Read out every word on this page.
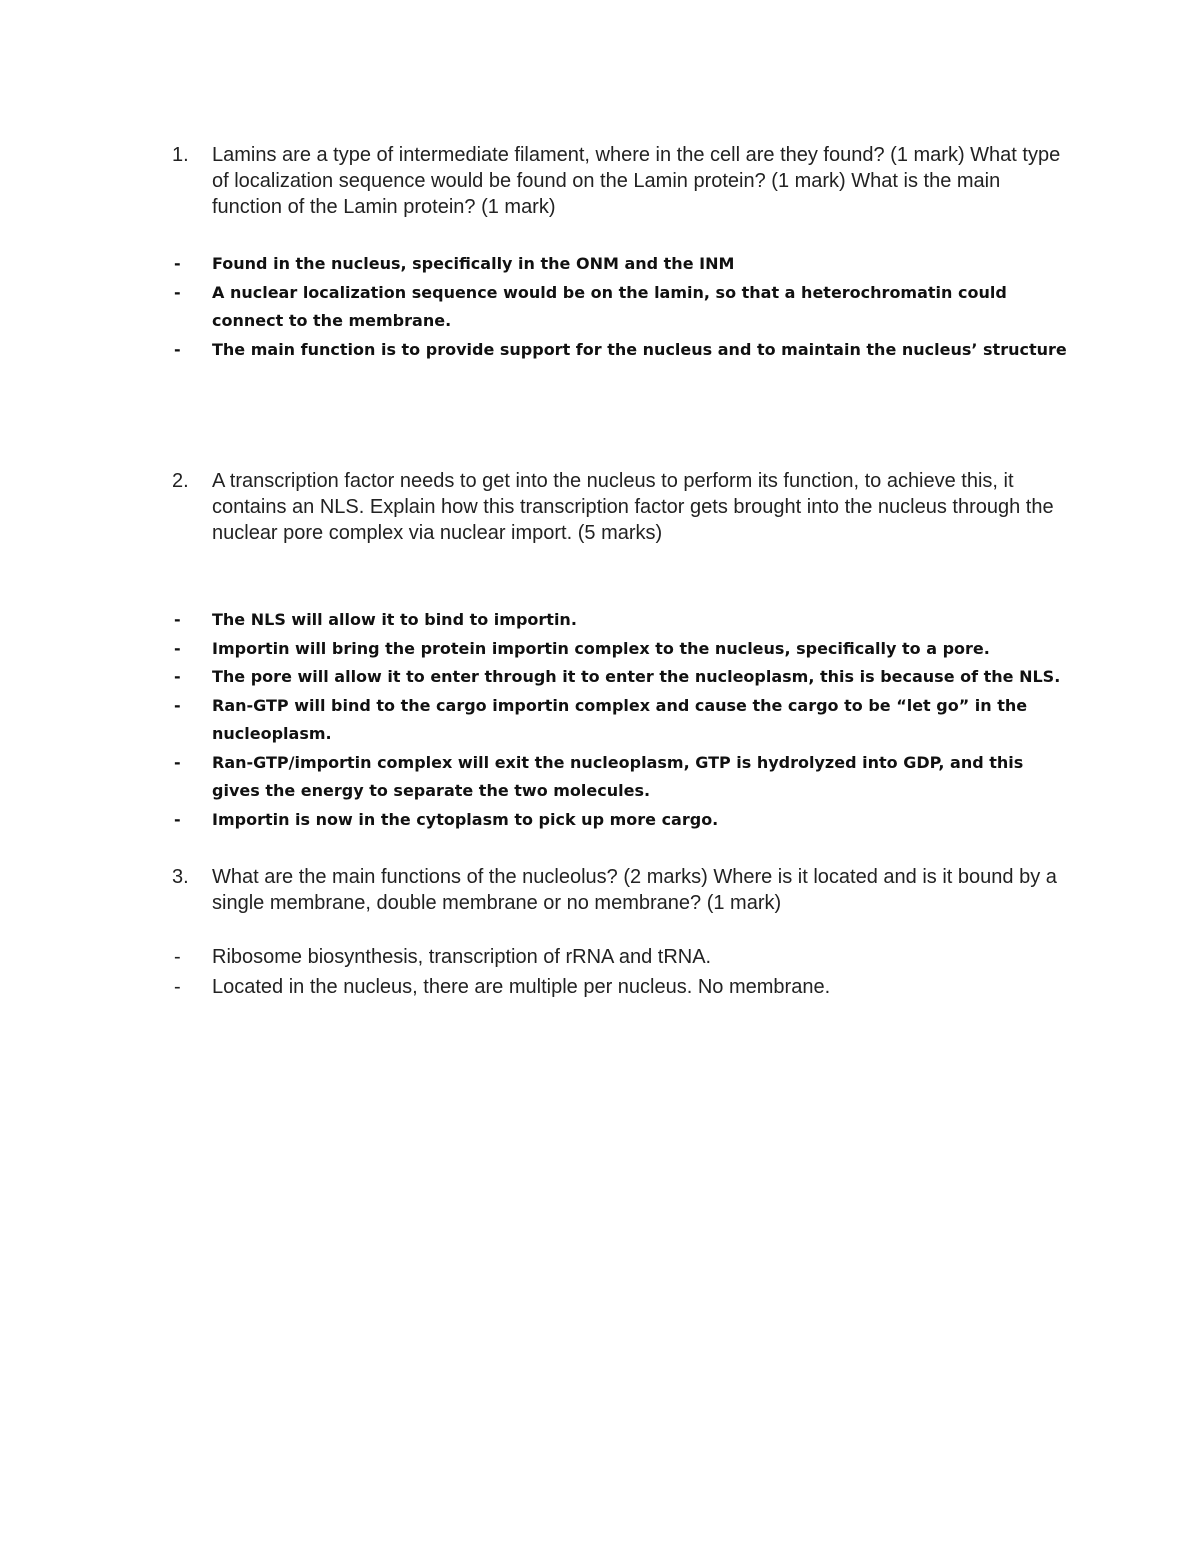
1.	Lamins are a type of intermediate filament, where in the cell are they found? (1 mark) What type of localization sequence would be found on the Lamin protein? (1 mark) What is the main function of the Lamin protein? (1 mark)
- Found in the nucleus, specifically in the ONM and the INM
- A nuclear localization sequence would be on the lamin, so that a heterochromatin could connect to the membrane.
- The main function is to provide support for the nucleus and to maintain the nucleus’ structure
2.	A transcription factor needs to get into the nucleus to perform its function, to achieve this, it contains an NLS. Explain how this transcription factor gets brought into the nucleus through the nuclear pore complex via nuclear import. (5 marks)
- The NLS will allow it to bind to importin.
- Importin will bring the protein importin complex to the nucleus, specifically to a pore.
- The pore will allow it to enter through it to enter the nucleoplasm, this is because of the NLS.
- Ran-GTP will bind to the cargo importin complex and cause the cargo to be “let go” in the nucleoplasm.
- Ran-GTP/importin complex will exit the nucleoplasm, GTP is hydrolyzed into GDP, and this gives the energy to separate the two molecules.
- Importin is now in the cytoplasm to pick up more cargo.
3.	What are the main functions of the nucleolus? (2 marks) Where is it located and is it bound by a single membrane, double membrane or no membrane? (1 mark)
- Ribosome biosynthesis, transcription of rRNA and tRNA.
- Located in the nucleus, there are multiple per nucleus. No membrane.
